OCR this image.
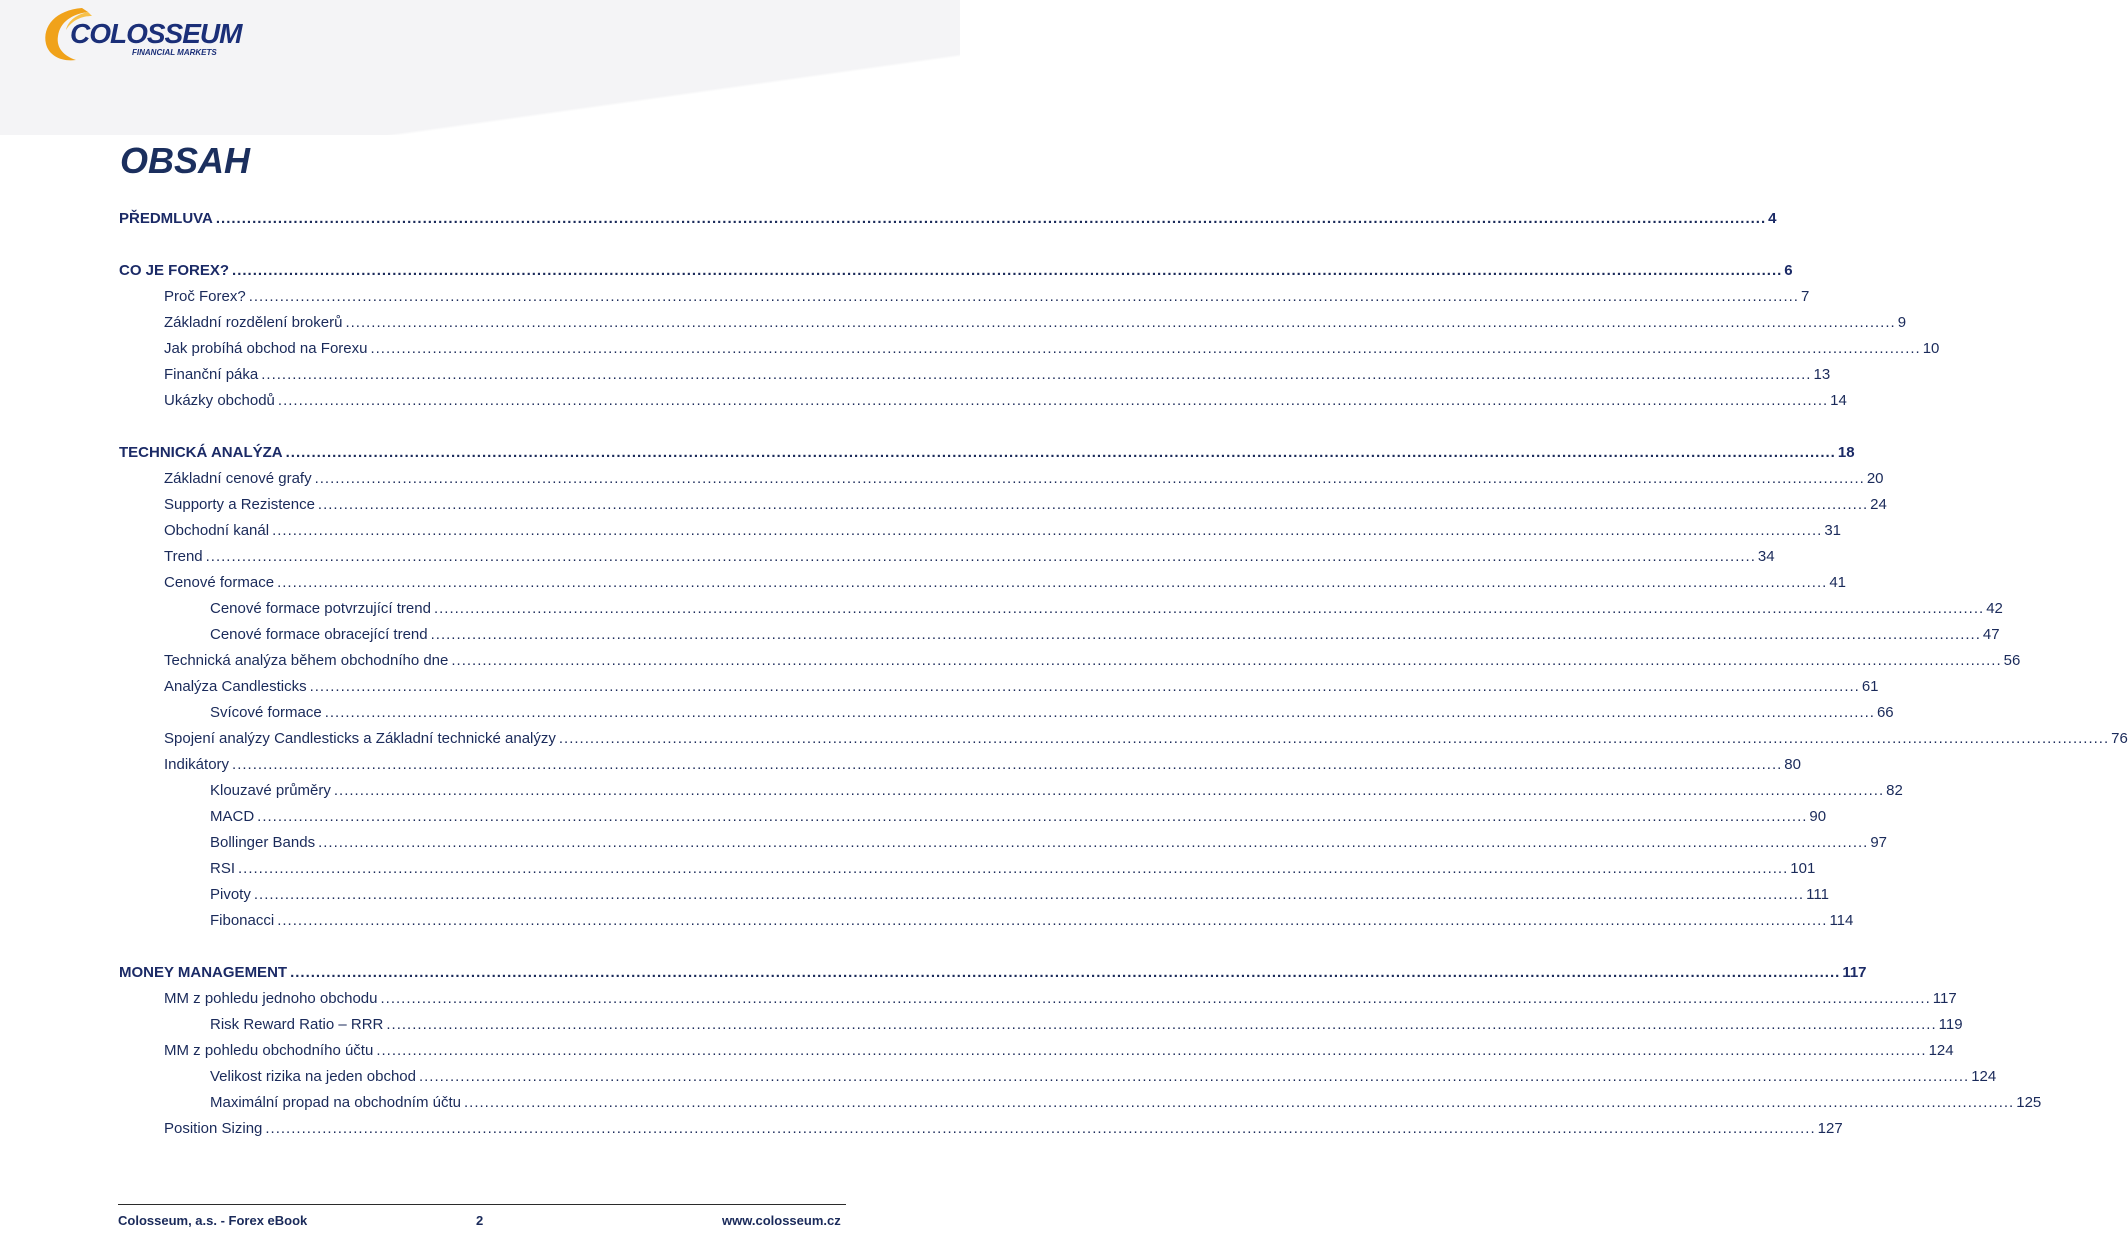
COLOSSEUM
FINANCIAL MARKETS
OBSAH
PŘEDMLUVA ............................................................................................................................................................................................................................................................................................................ 4
CO JE FOREX? ............................................................................................................................................................................................................................................................................................................ 6
Proč Forex? ............................................................................................................................................................................................................................................................................................................ 7
Základní rozdělení brokerů ............................................................................................................................................................................................................................................................................................................ 9
Jak probíhá obchod na Forexu ............................................................................................................................................................................................................................................................................................................ 10
Finanční páka ............................................................................................................................................................................................................................................................................................................ 13
Ukázky obchodů ............................................................................................................................................................................................................................................................................................................ 14
TECHNICKÁ ANALÝZA ............................................................................................................................................................................................................................................................................................................ 18
Základní cenové grafy ............................................................................................................................................................................................................................................................................................................ 20
Supporty a Rezistence ............................................................................................................................................................................................................................................................................................................ 24
Obchodní kanál ............................................................................................................................................................................................................................................................................................................ 31
Trend ............................................................................................................................................................................................................................................................................................................ 34
Cenové formace ............................................................................................................................................................................................................................................................................................................ 41
Cenové formace potvrzující trend ............................................................................................................................................................................................................................................................................................................ 42
Cenové formace obracející trend ............................................................................................................................................................................................................................................................................................................ 47
Technická analýza během obchodního dne ............................................................................................................................................................................................................................................................................................................ 56
Analýza Candlesticks ............................................................................................................................................................................................................................................................................................................ 61
Svícové formace ............................................................................................................................................................................................................................................................................................................ 66
Spojení analýzy Candlesticks a Základní technické analýzy ............................................................................................................................................................................................................................................................................................................ 76
Indikátory ............................................................................................................................................................................................................................................................................................................ 80
Klouzavé průměry ............................................................................................................................................................................................................................................................................................................ 82
MACD ............................................................................................................................................................................................................................................................................................................ 90
Bollinger Bands ............................................................................................................................................................................................................................................................................................................ 97
RSI ............................................................................................................................................................................................................................................................................................................ 101
Pivoty ............................................................................................................................................................................................................................................................................................................ 111
Fibonacci ............................................................................................................................................................................................................................................................................................................ 114
MONEY MANAGEMENT ............................................................................................................................................................................................................................................................................................................ 117
MM z pohledu jednoho obchodu ............................................................................................................................................................................................................................................................................................................ 117
Risk Reward Ratio – RRR ............................................................................................................................................................................................................................................................................................................ 119
MM z pohledu obchodního účtu ............................................................................................................................................................................................................................................................................................................ 124
Velikost rizika na jeden obchod ............................................................................................................................................................................................................................................................................................................ 124
Maximální propad na obchodním účtu ............................................................................................................................................................................................................................................................................................................ 125
Position Sizing ............................................................................................................................................................................................................................................................................................................ 127
Colosseum, a.s. - Forex eBook	2	www.colosseum.cz
